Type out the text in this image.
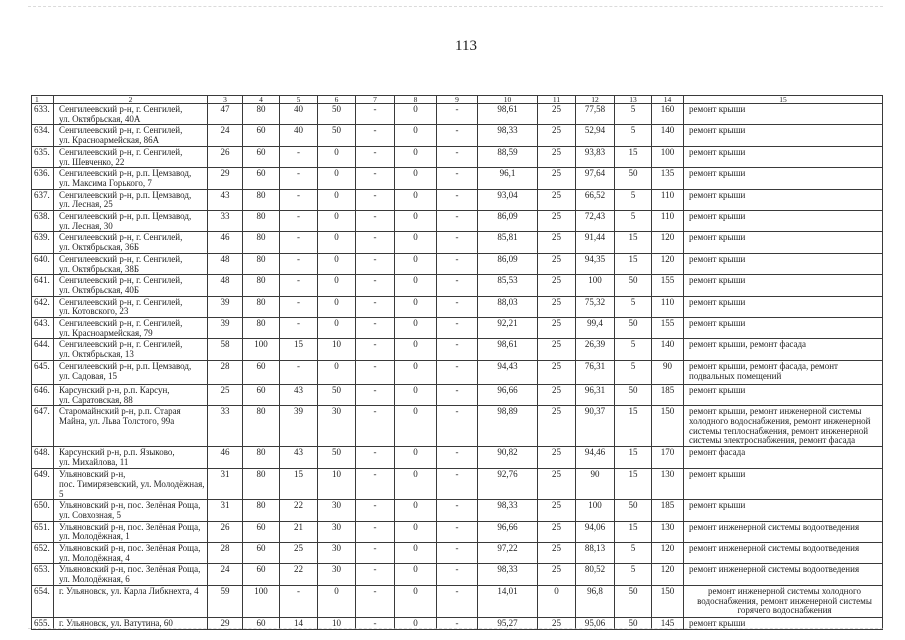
113
1	2	3	4	5	6	7	8	9	10	11	12	13	14	15
633.	Сенгилеевский р-н, г. Сенгилей,
ул. Октябрьская, 40А	47	80	40	50	-	0	-	98,61	25	77,58	5	160	ремонт крыши
634.	Сенгилеевский р-н, г. Сенгилей,
ул. Красноармейская, 86А	24	60	40	50	-	0	-	98,33	25	52,94	5	140	ремонт крыши
635.	Сенгилеевский р-н, г. Сенгилей,
ул. Шевченко, 22	26	60	-	0	-	0	-	88,59	25	93,83	15	100	ремонт крыши
636.	Сенгилеевский р-н, р.п. Цемзавод,
ул. Максима Горького, 7	29	60	-	0	-	0	-	96,1	25	97,64	50	135	ремонт крыши
637.	Сенгилеевский р-н, р.п. Цемзавод,
ул. Лесная, 25	43	80	-	0	-	0	-	93,04	25	66,52	5	110	ремонт крыши
638.	Сенгилеевский р-н, р.п. Цемзавод,
ул. Лесная, 30	33	80	-	0	-	0	-	86,09	25	72,43	5	110	ремонт крыши
639.	Сенгилеевский р-н, г. Сенгилей,
ул. Октябрьская, 36Б	46	80	-	0	-	0	-	85,81	25	91,44	15	120	ремонт крыши
640.	Сенгилеевский р-н, г. Сенгилей,
ул. Октябрьская, 38Б	48	80	-	0	-	0	-	86,09	25	94,35	15	120	ремонт крыши
641.	Сенгилеевский р-н, г. Сенгилей,
ул. Октябрьская, 40Б	48	80	-	0	-	0	-	85,53	25	100	50	155	ремонт крыши
642.	Сенгилеевский р-н, г. Сенгилей,
ул. Котовского, 23	39	80	-	0	-	0	-	88,03	25	75,32	5	110	ремонт крыши
643.	Сенгилеевский р-н, г. Сенгилей,
ул. Красноармейская, 79	39	80	-	0	-	0	-	92,21	25	99,4	50	155	ремонт крыши
644.	Сенгилеевский р-н, г. Сенгилей,
ул. Октябрьская, 13	58	100	15	10	-	0	-	98,61	25	26,39	5	140	ремонт крыши, ремонт фасада
645.	Сенгилеевский р-н, р.п. Цемзавод,
ул. Садовая, 15	28	60	-	0	-	0	-	94,43	25	76,31	5	90	ремонт крыши, ремонт фасада, ремонт
подвальных помещений
646.	Карсунский р-н, р.п. Карсун,
ул. Саратовская, 88	25	60	43	50	-	0	-	96,66	25	96,31	50	185	ремонт крыши
647.	Старомайнский р-н, р.п. Старая
Майна, ул. Льва Толстого, 99а	33	80	39	30	-	0	-	98,89	25	90,37	15	150	ремонт крыши, ремонт инженерной системы
холодного водоснабжения, ремонт инженерной
системы теплоснабжения, ремонт инженерной
системы электроснабжения, ремонт фасада
648.	Карсунский р-н, р.п. Языково,
ул. Михайлова, 11	46	80	43	50	-	0	-	90,82	25	94,46	15	170	ремонт фасада
649.	Ульяновский р-н,
пос. Тимирязевский, ул. Молодёжная,
5	31	80	15	10	-	0	-	92,76	25	90	15	130	ремонт крыши
650.	Ульяновский р-н, пос. Зелёная Роща,
ул. Совхозная, 5	31	80	22	30	-	0	-	98,33	25	100	50	185	ремонт крыши
651.	Ульяновский р-н, пос. Зелёная Роща,
ул. Молодёжная, 1	26	60	21	30	-	0	-	96,66	25	94,06	15	130	ремонт инженерной системы водоотведения
652.	Ульяновский р-н, пос. Зелёная Роща,
ул. Молодёжная, 4	28	60	25	30	-	0	-	97,22	25	88,13	5	120	ремонт инженерной системы водоотведения
653.	Ульяновский р-н, пос. Зелёная Роща,
ул. Молодёжная, 6	24	60	22	30	-	0	-	98,33	25	80,52	5	120	ремонт инженерной системы водоотведения
654.	г. Ульяновск, ул. Карла Либкнехта, 4	59	100	-	0	-	0	-	14,01	0	96,8	50	150	ремонт инженерной системы холодного
водоснабжения, ремонт инженерной системы
горячего водоснабжения
655.	г. Ульяновск, ул. Ватутина, 60	29	60	14	10	-	0	-	95,27	25	95,06	50	145	ремонт крыши
